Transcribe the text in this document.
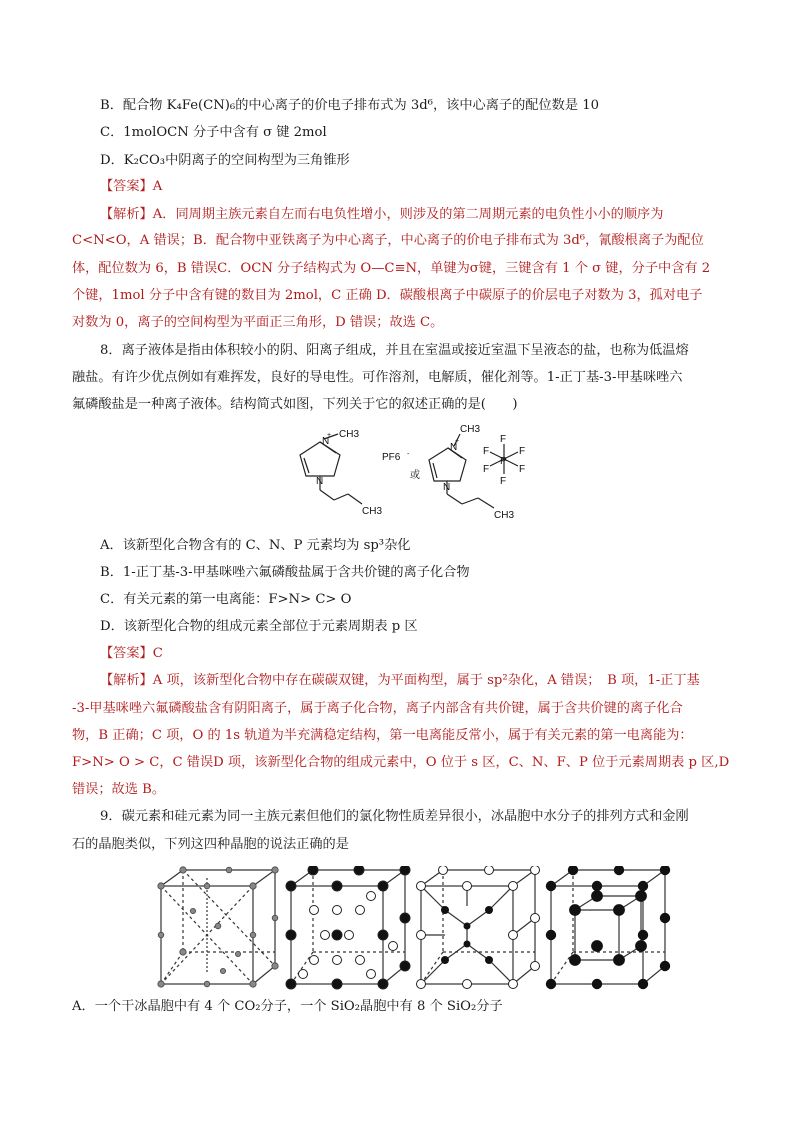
B．配合物 K₄Fe(CN)₆的中心离子的价电子排布式为 3d⁶，该中心离子的配位数是 10
C．1molOCN 分子中含有 σ 键 2mol
D．K₂CO₃中阴离子的空间构型为三角锥形
【答案】A
【解析】A．同周期主族元素自左而右电负性增小，则涉及的第二周期元素的电负性小小的顺序为
C<N<O，A 错误；B．配合物中亚铁离子为中心离子，中心离子的价电子排布式为 3d⁶，氰酸根离子为配位
体，配位数为 6，B 错误C．OCN 分子结构式为 O—C≡N，单键为σ键，三键含有 1 个 σ 键，分子中含有 2
个键，1mol 分子中含有键的数目为 2mol，C 正确 D．碳酸根离子中碳原子的价层电子对数为 3，孤对电子
对数为 0，离子的空间构型为平面正三角形，D 错误；故选 C。
8．离子液体是指由体积较小的阴、阳离子组成，并且在室温或接近室温下呈液态的盐，也称为低温熔
融盐。有许少优点例如有难挥发，良好的导电性。可作溶剂，电解质，催化剂等。1-正丁基-3-甲基咪唑六
氟磷酸盐是一种离子液体。结构简式如图，下列关于它的叙述正确的是(　　)
N
+ CH3
N
CH3
PF6 -
或
N
+
CH3
N
CH3
P
F
F
F	F
F	F
A．该新型化合物含有的 C、N、P 元素均为 sp³杂化
B．1-正丁基-3-甲基咪唑六氟磷酸盐属于含共价键的离子化合物
C．有关元素的第一电离能：F>N> C> O
D．该新型化合物的组成元素全部位于元素周期表 p 区
【答案】C
【解析】A 项，该新型化合物中存在碳碳双键，为平面构型，属于 sp²杂化，A 错误；　B 项，1-正丁基
-3-甲基咪唑六氟磷酸盐含有阴阳离子，属于离子化合物，离子内部含有共价键，属于含共价键的离子化合
物，B 正确；C 项，O 的 1s 轨道为半充满稳定结构，第一电离能反常小，属于有关元素的第一电离能为：
F>N> O > C，C 错误D 项，该新型化合物的组成元素中，O 位于 s 区，C、N、F、P 位于元素周期表 p 区,D
错误；故选 B。
9．碳元素和硅元素为同一主族元素但他们的氯化物性质差异很小，冰晶胞中水分子的排列方式和金刚
石的晶胞类似，下列这四种晶胞的说法正确的是
A．一个干冰晶胞中有 4 个 CO₂分子，一个 SiO₂晶胞中有 8 个 SiO₂分子
